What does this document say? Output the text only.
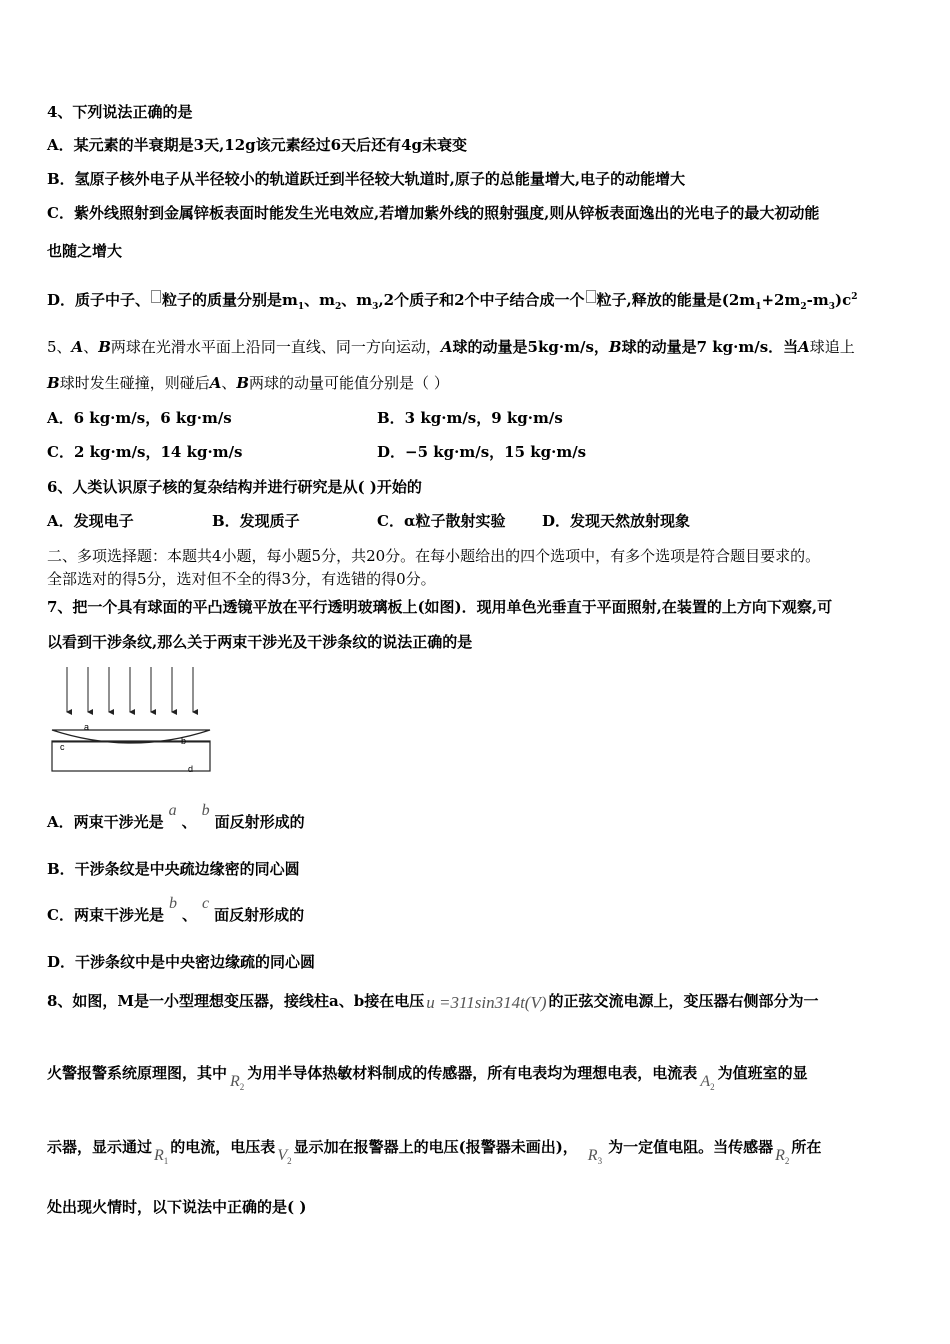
4、下列说法正确的是
A．某元素的半衰期是3天,12g该元素经过6天后还有4g未衰变
B．氢原子核外电子从半径较小的轨道跃迁到半径较大轨道时,原子的总能量增大,电子的动能增大
C．紫外线照射到金属锌板表面时能发生光电效应,若增加紫外线的照射强度,则从锌板表面逸出的光电子的最大初动能
也随之增大
D．质子中子、 粒子的质量分别是$m_1$、$m_2$、$m_3,2$个质子和2个中子结合成一个 粒子,释放的能量是$(2m_1+2m_2-m_3)c^2$
5、A、B两球在光滑水平面上沿同一直线、同一方向运动，A球的动量是5kg·m/s，B球的动量是7 kg·m/s．当A球追上
B球时发生碰撞，则碰后A、B两球的动量可能值分别是（ ）
A．6 kg·m/s，6 kg·m/s	B．3 kg·m/s，9 kg·m/s
C．2 kg·m/s，14 kg·m/s	D．−5 kg·m/s，15 kg·m/s
6、人类认识原子核的复杂结构并进行研究是从( )开始的
A．发现电子	B．发现质子	C．α粒子散射实验 D．发现天然放射现象
二、多项选择题：本题共4小题，每小题5分，共20分。在每小题给出的四个选项中，有多个选项是符合题目要求的。
全部选对的得5分，选对但不全的得3分，有选错的得0分。
7、把一个具有球面的平凸透镜平放在平行透明玻璃板上(如图)．现用单色光垂直于平面照射,在装置的上方向下观察,可
以看到干涉条纹,那么关于两束干涉光及干涉条纹的说法正确的是
a
b
c
d
A．两束干涉光是a、b面反射形成的
B．干涉条纹是中央疏边缘密的同心圆
C．两束干涉光是b、c面反射形成的
D．干涉条纹中是中央密边缘疏的同心圆
8、如图，M是一小型理想变压器，接线柱a、b接在电压 u =311sin314t(V) 的正弦交流电源上，变压器右侧部分为一
火警报警系统原理图，其中 $R_2$为用半导体热敏材料制成的传感器，所有电表均为理想电表，电流表 $A_2$为值班室的显
示器，显示通过 $R_1$的电流，电压表 $V_2$显示加在报警器上的电压(报警器未画出)， $R_3$为一定值电阻。当传感器 $R_2$所在
处出现火情时，以下说法中正确的是( )
